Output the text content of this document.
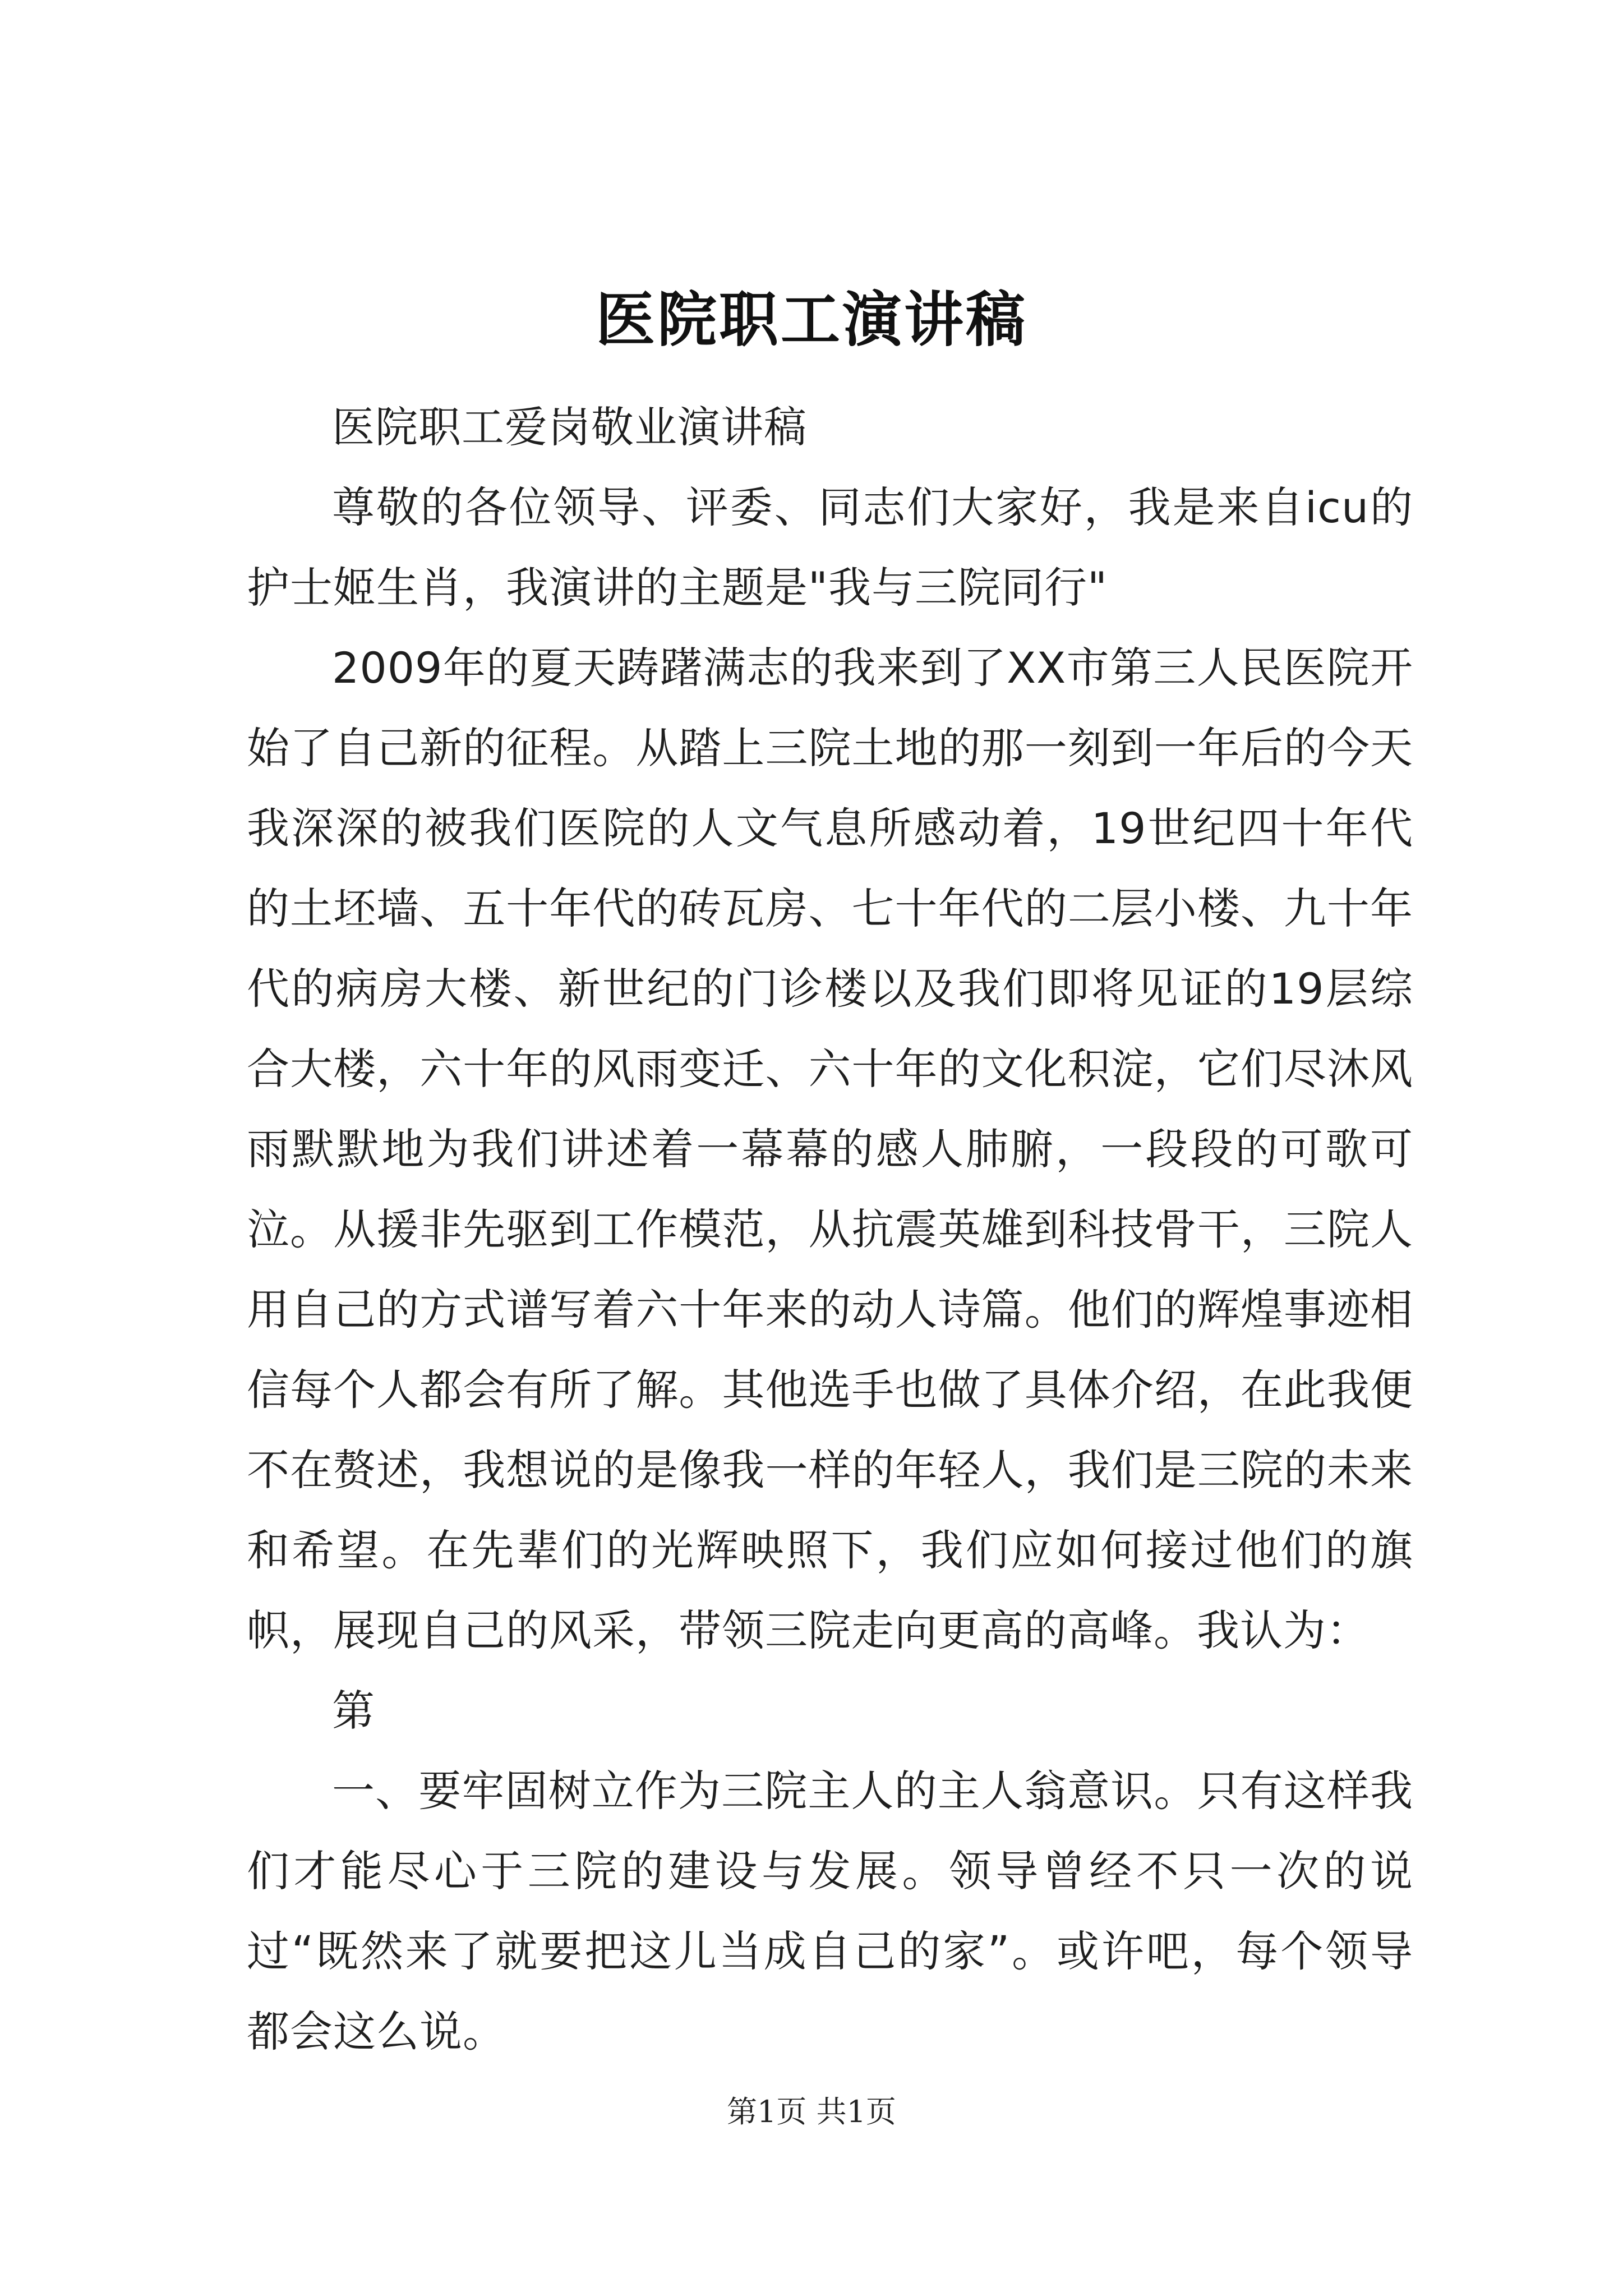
医院职工演讲稿

医院职工爱岗敬业演讲稿

尊敬的各位领导、评委、同志们大家好，我是来自icu的护士姬生肖，我演讲的主题是"我与三院同行"

2009年的夏天踌躇满志的我来到了XX市第三人民医院开始了自己新的征程。从踏上三院土地的那一刻到一年后的今天我深深的被我们医院的人文气息所感动着，19世纪四十年代的土坯墙、五十年代的砖瓦房、七十年代的二层小楼、九十年代的病房大楼、新世纪的门诊楼以及我们即将见证的19层综合大楼，六十年的风雨变迁、六十年的文化积淀，它们尽沐风雨默默地为我们讲述着一幕幕的感人肺腑，一段段的可歌可泣。从援非先驱到工作模范，从抗震英雄到科技骨干，三院人用自己的方式谱写着六十年来的动人诗篇。他们的辉煌事迹相信每个人都会有所了解。其他选手也做了具体介绍，在此我便不在赘述，我想说的是像我一样的年轻人，我们是三院的未来和希望。在先辈们的光辉映照下，我们应如何接过他们的旗帜，展现自己的风采，带领三院走向更高的高峰。我认为：

第

一、要牢固树立作为三院主人的主人翁意识。只有这样我们才能尽心于三院的建设与发展。领导曾经不只一次的说过“既然来了就要把这儿当成自己的家”。或许吧，每个领导都会这么说。

第1页 共1页
